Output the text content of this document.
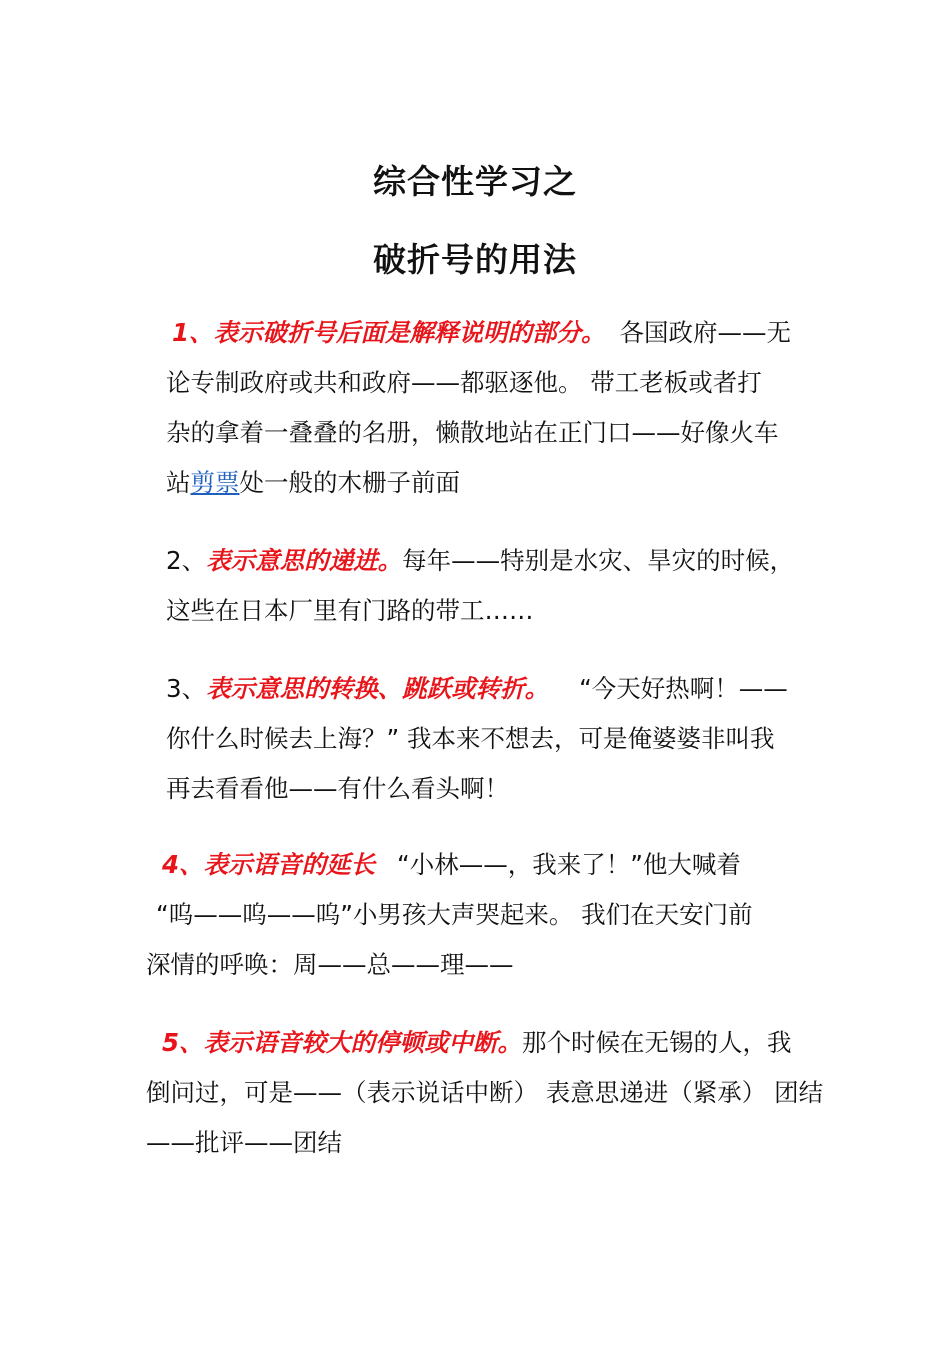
综合性学习之
破折号的用法
1、表示破折号后面是解释说明的部分。 各国政府——无
论专制政府或共和政府——都驱逐他。 带工老板或者打
杂的拿着一叠叠的名册，懒散地站在正门口——好像火车
站剪票处一般的木栅子前面
2、表示意思的递进。每年——特别是水灾、旱灾的时候，
这些在日本厂里有门路的带工……
3、表示意思的转换、跳跃或转折。 “今天好热啊！——
你什么时候去上海？” 我本来不想去，可是俺婆婆非叫我
再去看看他——有什么看头啊！
4、表示语音的延长 “小林——，我来了！”他大喊着
“呜——呜——呜”小男孩大声哭起来。 我们在天安门前
深情的呼唤：周——总——理——
5、表示语音较大的停顿或中断。那个时候在无锡的人，我
倒问过，可是——（表示说话中断） 表意思递进（紧承） 团结
——批评——团结
